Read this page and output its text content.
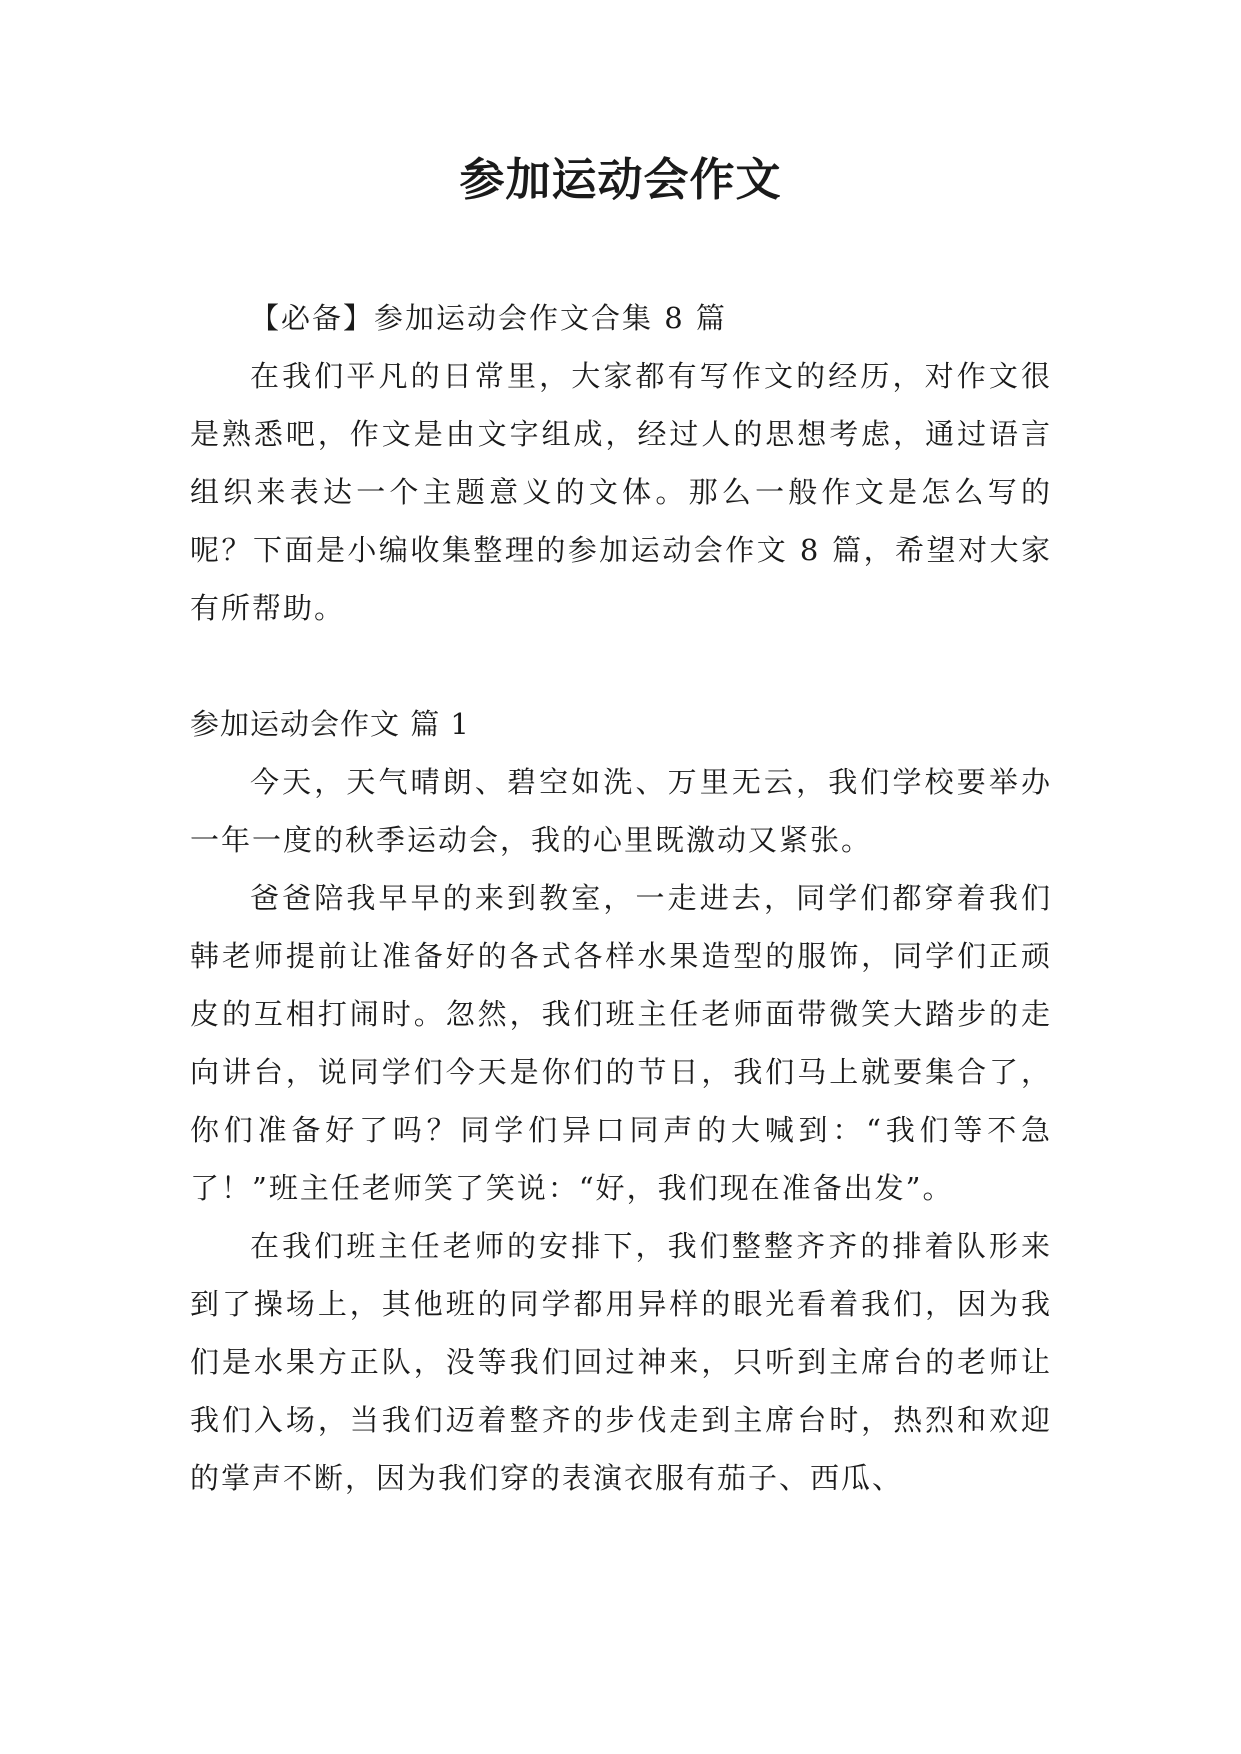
参加运动会作文

【必备】参加运动会作文合集 8 篇

在我们平凡的日常里，大家都有写作文的经历，对作文很是熟悉吧，作文是由文字组成，经过人的思想考虑，通过语言组织来表达一个主题意义的文体。那么一般作文是怎么写的呢？下面是小编收集整理的参加运动会作文 8 篇，希望对大家有所帮助。

参加运动会作文 篇 1

今天，天气晴朗、碧空如洗、万里无云，我们学校要举办一年一度的秋季运动会，我的心里既激动又紧张。

爸爸陪我早早的来到教室，一走进去，同学们都穿着我们韩老师提前让准备好的各式各样水果造型的服饰，同学们正顽皮的互相打闹时。忽然，我们班主任老师面带微笑大踏步的走向讲台，说同学们今天是你们的节日，我们马上就要集合了，你们准备好了吗？同学们异口同声的大喊到：“我们等不急了！”班主任老师笑了笑说：“好，我们现在准备出发”。

在我们班主任老师的安排下，我们整整齐齐的排着队形来到了操场上，其他班的同学都用异样的眼光看着我们，因为我们是水果方正队，没等我们回过神来，只听到主席台的老师让我们入场，当我们迈着整齐的步伐走到主席台时，热烈和欢迎的掌声不断，因为我们穿的表演衣服有茄子、西瓜、
